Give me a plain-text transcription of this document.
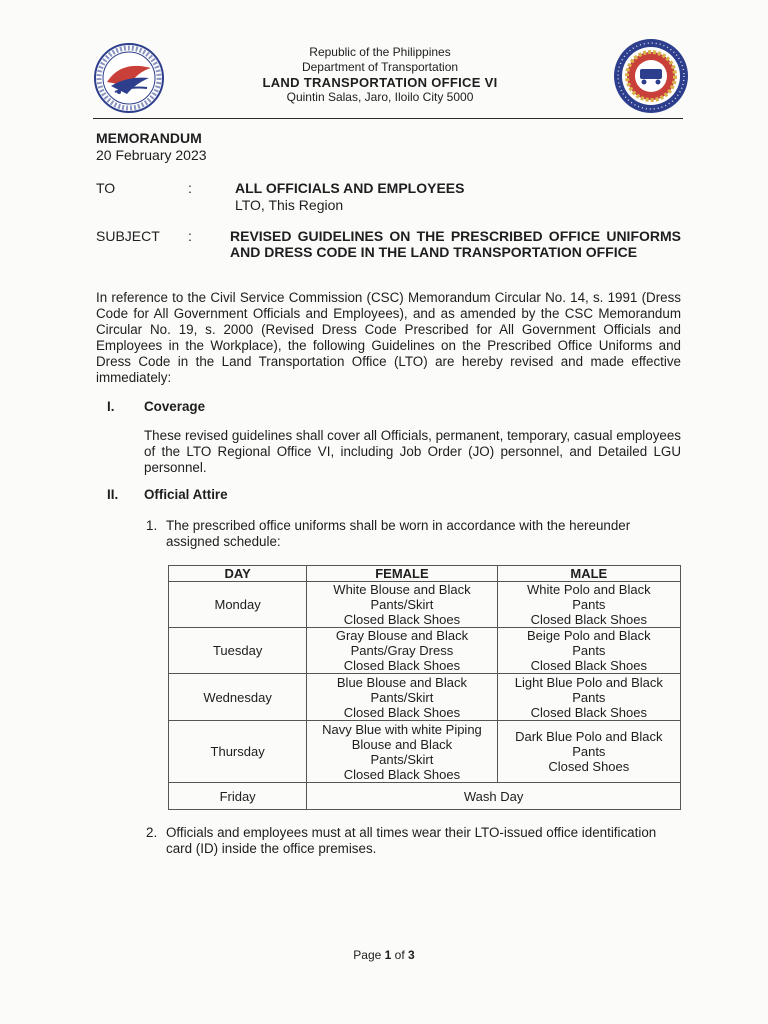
Republic of the Philippines
Department of Transportation
LAND TRANSPORTATION OFFICE VI
Quintin Salas, Jaro, Iloilo City 5000
MEMORANDUM
20 February 2023
TO	:	ALL OFFICIALS AND EMPLOYEES
LTO, This Region
SUBJECT :	REVISED GUIDELINES ON THE PRESCRIBED OFFICE UNIFORMS AND DRESS CODE IN THE LAND TRANSPORTATION OFFICE
In reference to the Civil Service Commission (CSC) Memorandum Circular No. 14, s. 1991 (Dress Code for All Government Officials and Employees), and as amended by the CSC Memorandum Circular No. 19, s. 2000 (Revised Dress Code Prescribed for All Government Officials and Employees in the Workplace), the following Guidelines on the Prescribed Office Uniforms and Dress Code in the Land Transportation Office (LTO) are hereby revised and made effective immediately:
I. Coverage
These revised guidelines shall cover all Officials, permanent, temporary, casual employees of the LTO Regional Office VI, including Job Order (JO) personnel, and Detailed LGU personnel.
II. Official Attire
1. The prescribed office uniforms shall be worn in accordance with the hereunder assigned schedule:
DAY	FEMALE	MALE
Monday	White Blouse and Black
Pants/Skirt
Closed Black Shoes	White Polo and Black
Pants
Closed Black Shoes

Tuesday	Gray Blouse and Black
Pants/Gray Dress
Closed Black Shoes	Beige Polo and Black
Pants
Closed Black Shoes

Wednesday	Blue Blouse and Black
Pants/Skirt
Closed Black Shoes	Light Blue Polo and Black
Pants
Closed Black Shoes

Thursday	Navy Blue with white Piping
Blouse and Black
Pants/Skirt
Closed Black Shoes	Dark Blue Polo and Black
Pants
Closed Shoes

Friday	Wash Day	
2. Officials and employees must at all times wear their LTO-issued office identification card (ID) inside the office premises.
Page 1 of 3
